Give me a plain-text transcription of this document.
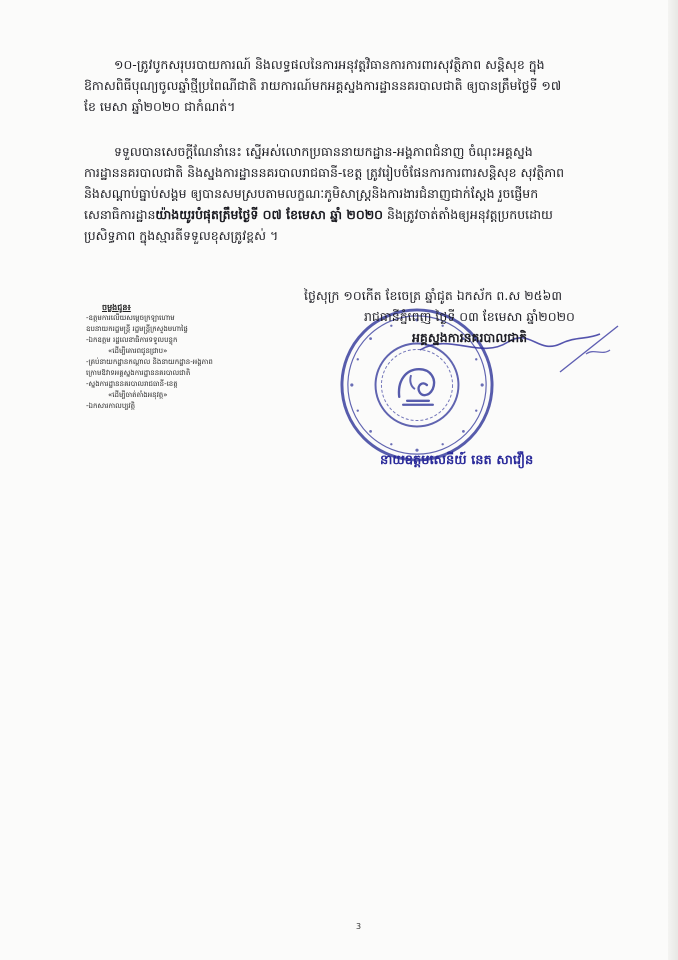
១០-ត្រូវបូកសរុបរបាយការណ៍ និងលទ្ធផលនៃការអនុវត្តវិធានការការពារសុវត្ថិភាព សន្តិសុខ ក្នុង
ឱកាសពិធីបុណ្យចូលឆ្នាំថ្មីប្រពៃណីជាតិ រាយការណ៍មកអគ្គស្នងការដ្ឋាននគរបាលជាតិ ឲ្យបានត្រឹមថ្ងៃទី ១៧
ខែ មេសា ឆ្នាំ២០២០ ជាកំណត់។
ទទួលបានសេចក្តីណែនាំនេះ ស្នើអស់លោកប្រធាននាយកដ្ឋាន-អង្គភាពជំនាញ ចំណុះអគ្គស្នង
ការដ្ឋាននគរបាលជាតិ និងស្នងការដ្ឋាននគរបាលរាជធានី-ខេត្ត ត្រូវរៀបចំផែនការការពារសន្តិសុខ សុវត្ថិភាព
និងសណ្តាប់ធ្នាប់សង្គម ឲ្យបានសមស្របតាមលក្ខណៈភូមិសាស្ត្រនិងការងារជំនាញជាក់ស្តែង រួចផ្ញើមក
សេនាធិការដ្ឋានយ៉ាងយូរបំផុតត្រឹមថ្ងៃទី ០៧ ខែមេសា ឆ្នាំ ២០២០ និងត្រូវចាត់តាំងឲ្យអនុវត្តប្រកបដោយ
ប្រសិទ្ធភាព ក្នុងស្មារតីទទួលខុសត្រូវខ្ពស់ ។
ចម្លងជូន៖
-ឧត្តមការលើយសម្តេចក្រឡាហោម
ឧបនាយករដ្ឋមន្ត្រី រដ្ឋមន្ត្រីក្រសួងមហាផ្ទៃ
-ឯកឧត្តម រដ្ឋលេខាធិការទទួលបន្ទុក
«ដើម្បីគោរពជូនជ្រាប»
-គ្រប់នាយកដ្ឋានកណ្តាល និងនាយកដ្ឋាន-អង្គភាព
ក្រោមឱវាទអគ្គស្នងការដ្ឋាននគរបាលជាតិ
-ស្នងការដ្ឋាននគរបាលរាជធានី-ខេត្ត
«ដើម្បីចាត់តាំងអនុវត្ត»
-ឯកសារកាលប្បវត្តិ
ថ្ងៃសុក្រ ១០កើត ខែចេត្រ ឆ្នាំជូត ឯកស័ក ព.ស ២៥៦៣
រាជធានីភ្នំពេញ ថ្ងៃទី ០៣ ខែមេសា ឆ្នាំ២០២០
អគ្គស្នងការនគរបាលជាតិ
នាយឧត្តមសេនីយ៍ នេត សាវឿន
3
